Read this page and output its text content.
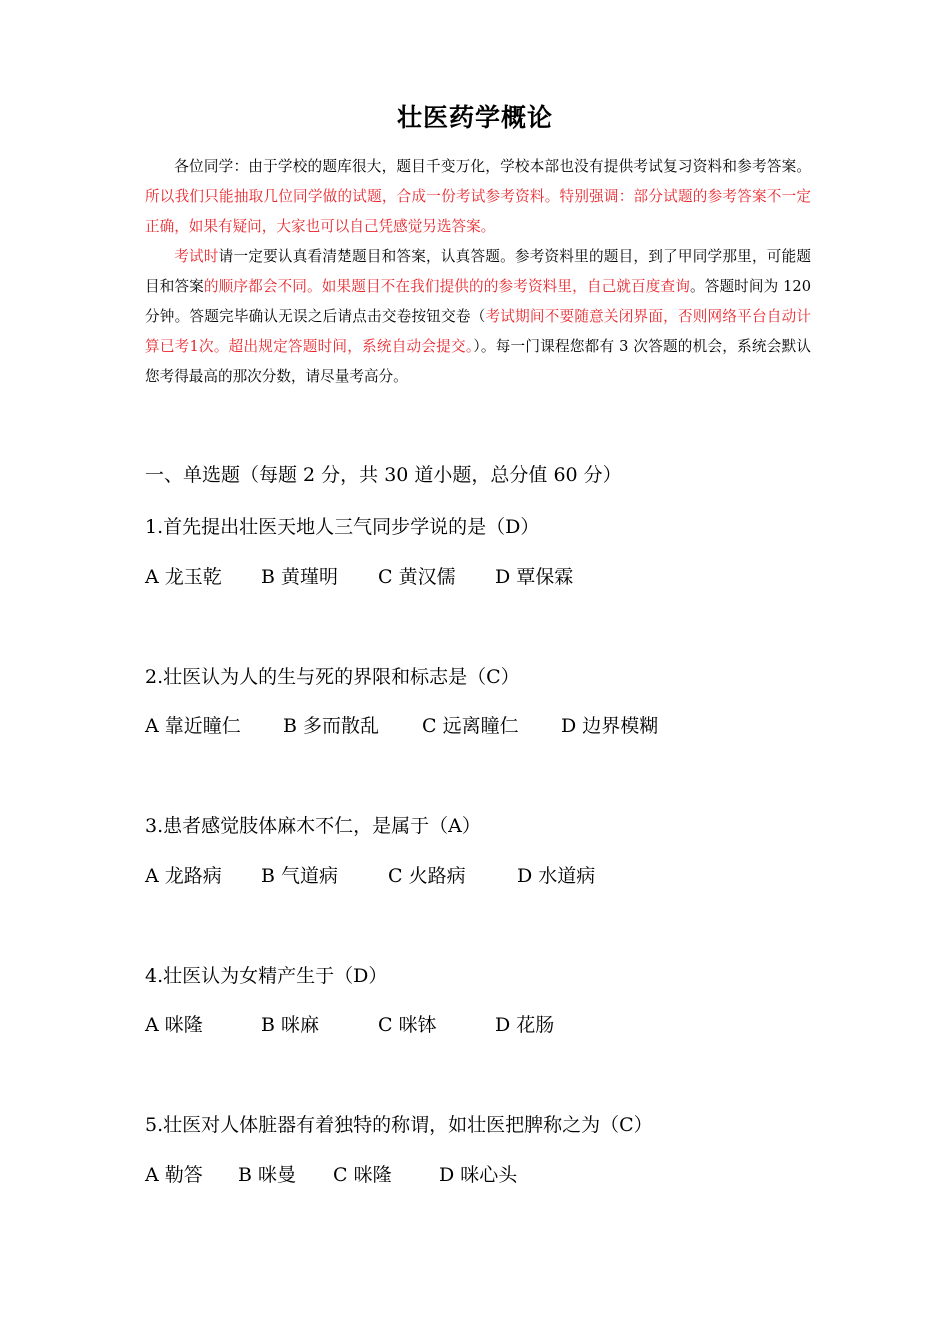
壮医药学概论

各位同学：由于学校的题库很大，题目千变万化，学校本部也没有提供考试复习资料和参考答案。所以我们只能抽取几位同学做的试题，合成一份考试参考资料。特别强调：部分试题的参考答案不一定正确，如果有疑问，大家也可以自己凭感觉另选答案。

考试时请一定要认真看清楚题目和答案，认真答题。参考资料里的题目，到了甲同学那里，可能题目和答案的顺序都会不同。如果题目不在我们提供的的参考资料里，自己就百度查询。答题时间为 120 分钟。答题完毕确认无误之后请点击交卷按钮交卷（考试期间不要随意关闭界面，否则网络平台自动计算已考1次。超出规定答题时间，系统自动会提交。）。每一门课程您都有 3 次答题的机会，系统会默认您考得最高的那次分数，请尽量考高分。

一、单选题（每题 2 分，共 30 道小题，总分值 60 分）
1.首先提出壮医天地人三气同步学说的是（D）
A 龙玉乾 B 黄瑾明 C 黄汉儒 D 覃保霖
2.壮医认为人的生与死的界限和标志是（C）
A 靠近瞳仁 B 多而散乱 C 远离瞳仁 D 边界模糊
3.患者感觉肢体麻木不仁，是属于（A）
A 龙路病 B 气道病	C 火路病	D 水道病
4.壮医认为女精产生于（D）
A 咪隆	B 咪麻	C 咪钵	D 花肠
5.壮医对人体脏器有着独特的称谓，如壮医把脾称之为（C）
A 勒答 B 咪曼 C 咪隆 D 咪心头
